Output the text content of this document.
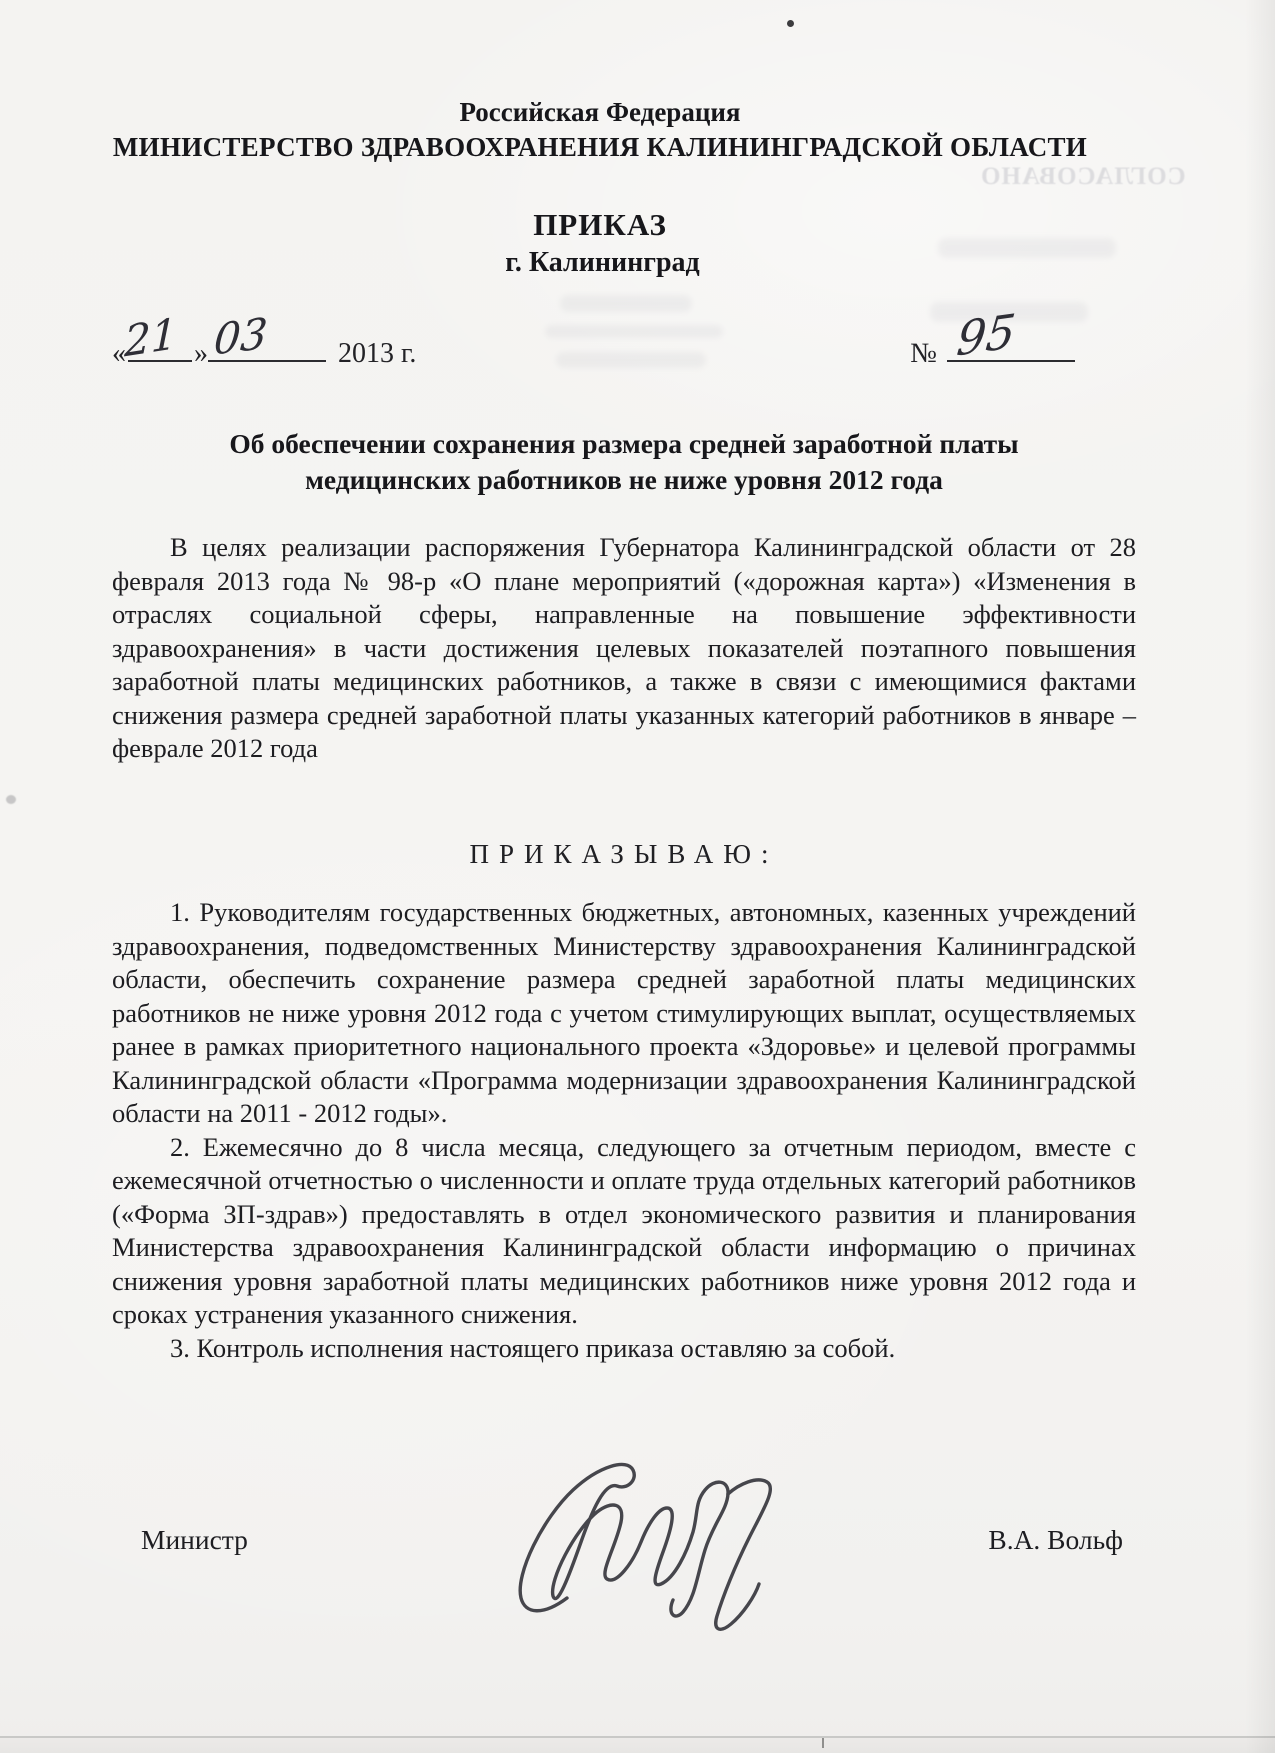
СОГЛАСОВАНО
Российская Федерация
МИНИСТЕРСТВО ЗДРАВООХРАНЕНИЯ КАЛИНИНГРАДСКОЙ ОБЛАСТИ
ПРИКАЗ
г. Калининград
«
21 » 03 2013 г.	№ 95
Об обеспечении сохранения размера средней заработной платы
медицинских работников не ниже уровня 2012 года
В целях реализации распоряжения Губернатора Калининградской области от 28 февраля 2013 года № 98-р «О плане мероприятий («дорожная карта») «Изменения в отраслях социальной сферы, направленные на повышение эффективности здравоохранения» в части достижения целевых показателей поэтапного повышения заработной платы медицинских работников, а также в связи с имеющимися фактами снижения размера средней заработной платы указанных категорий работников в январе – феврале 2012 года
ПРИКАЗЫВАЮ:

1. Руководителям государственных бюджетных, автономных, казенных учреждений здравоохранения, подведомственных Министерству здравоохранения Калининградской области, обеспечить сохранение размера средней заработной платы медицинских работников не ниже уровня 2012 года с учетом стимулирующих выплат, осуществляемых ранее в рамках приоритетного национального проекта «Здоровье» и целевой программы Калининградской области «Программа модернизации здравоохранения Калининградской области на 2011 - 2012 годы».

2. Ежемесячно до 8 числа месяца, следующего за отчетным периодом, вместе с ежемесячной отчетностью о численности и оплате труда отдельных категорий работников («Форма ЗП-здрав») предоставлять в отдел экономического развития и планирования Министерства здравоохранения Калининградской области информацию о причинах снижения уровня заработной платы медицинских работников ниже уровня 2012 года и сроках устранения указанного снижения.

3. Контроль исполнения настоящего приказа оставляю за собой.

Министр	В.А. Вольф
